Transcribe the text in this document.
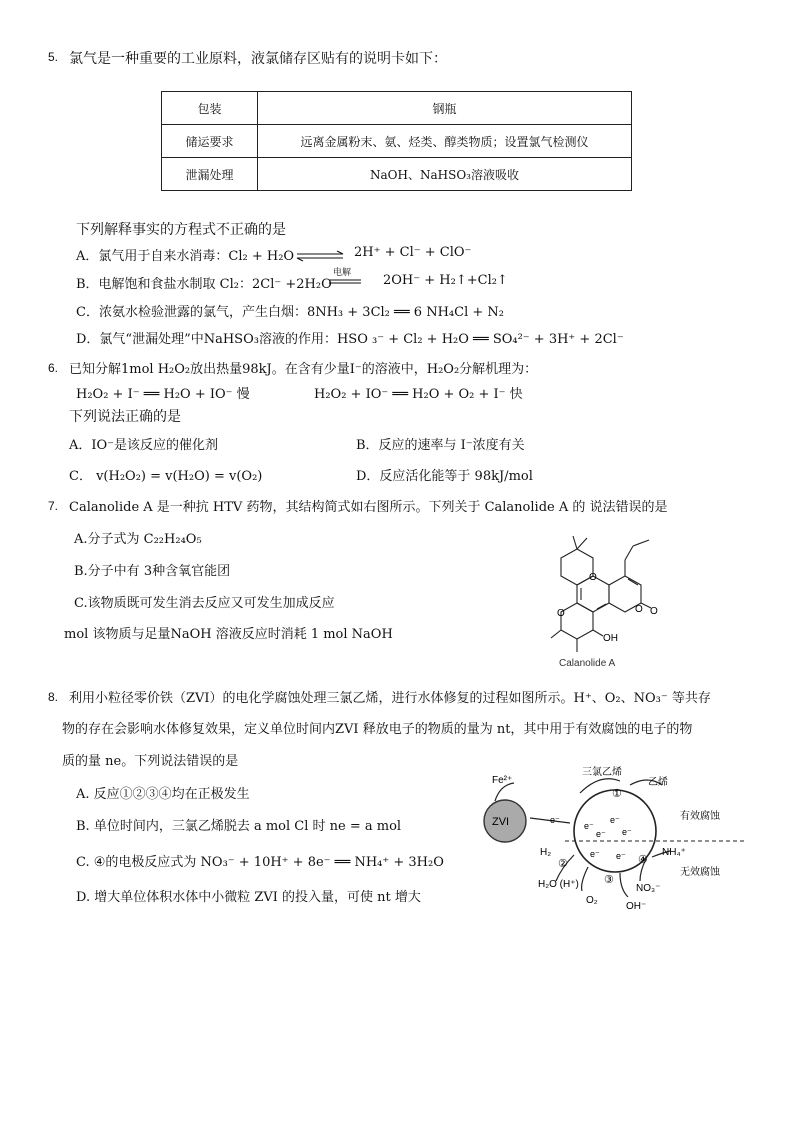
5. 氯气是一种重要的工业原料，液氯储存区贴有的说明卡如下：
包装	钢瓶
储运要求	远离金属粉末、氨、烃类、醇类物质；设置氯气检测仪
泄漏处理	NaOH、NaHSO₃溶液吸收
下列解释事实的方程式不正确的是
A．氯气用于自来水消毒：Cl₂ + H₂O ⇌ 2H⁺ + Cl⁻ + ClO⁻
B．电解饱和食盐水制取 Cl₂：2Cl⁻ +2H₂O
电解 2OH⁻ + H₂↑+Cl₂↑
C．浓氨水检验泄露的氯气，产生白烟：8NH₃ + 3Cl₂ ══ 6 NH₄Cl + N₂
D．氯气“泄漏处理”中NaHSO₃溶液的作用：HSO ₃⁻ + Cl₂ + H₂O ══ SO₄²⁻ + 3H⁺ + 2Cl⁻
6. 已知分解1mol H₂O₂放出热量98kJ。在含有少量I⁻的溶液中，H₂O₂分解机理为：
H₂O₂ + I⁻ ══ H₂O + IO⁻ 慢	H₂O₂ + IO⁻ ══ H₂O + O₂ + I⁻ 快
下列说法正确的是
A．IO⁻是该反应的催化剂	B．反应的速率与 I⁻浓度有关
C． v(H₂O₂) = v(H₂O) = v(O₂)	D．反应活化能等于 98kJ/mol
7. Calanolide A 是一种抗 HTV 药物，其结构简式如右图所示。下列关于 Calanolide A 的 说法错误的是
A.分子式为 C₂₂H₂₄O₅
B.分子中有 3种含氧官能团
C.该物质既可发生消去反应又可发生加成反应
mol 该物质与足量NaOH 溶液反应时消耗 1 mol NaOH
O
O O
O
OH
Calanolide A
8. 利用小粒径零价铁（ZVI）的电化学腐蚀处理三氯乙烯，进行水体修复的过程如图所示。H⁺、O₂、NO₃⁻ 等共存
物的存在会影响水体修复效果，定义单位时间内ZVI 释放电子的物质的量为 nt，其中用于有效腐蚀的电子的物
质的量 ne。下列说法错误的是
A. 反应①②③④均在正极发生
B. 单位时间内，三氯乙烯脱去 a mol Cl 时 ne = a mol
C. ④的电极反应式为 NO₃⁻ + 10H⁺ + 8e⁻ ══ NH₄⁺ + 3H₂O
D. 增大单位体积水体中小微粒 ZVI 的投入量，可使 nt 增大
ZVI
Fe²⁺
三氯乙烯
乙烯
①
有效腐蚀
无效腐蚀
e⁻
e⁻
e⁻
e⁻
e⁻
e⁻ e⁻
H₂
②
H₂O (H⁺) ③
O₂
OH⁻
④
NH₄⁺
NO₃⁻
